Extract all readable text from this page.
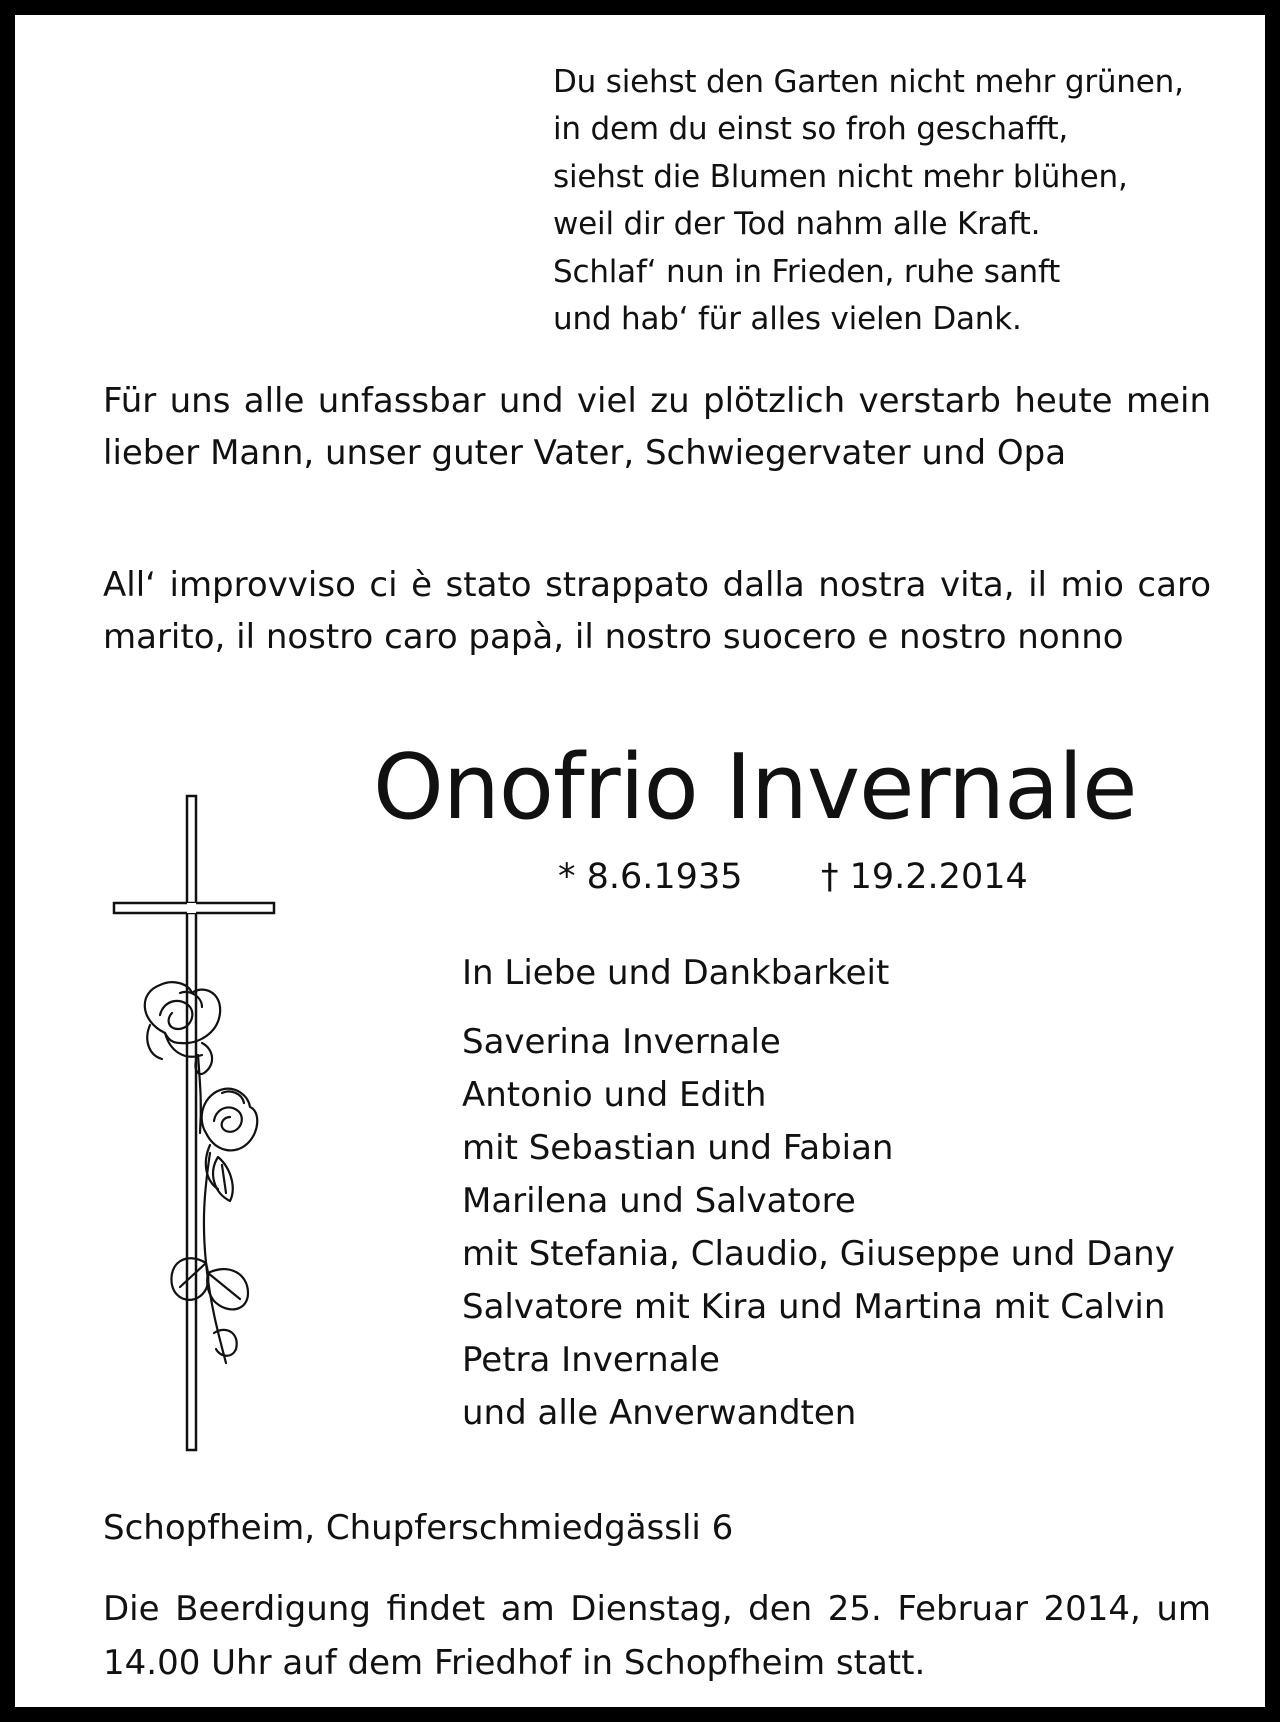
Du siehst den Garten nicht mehr grünen,
in dem du einst so froh geschafft,
siehst die Blumen nicht mehr blühen,
weil dir der Tod nahm alle Kraft.
Schlaf‘ nun in Frieden, ruhe sanft
und hab‘ für alles vielen Dank.
Für uns alle unfassbar und viel zu plötzlich verstarb heute mein lieber Mann, unser guter Vater, Schwiegervater und Opa
All‘ improvviso ci è stato strappato dalla nostra vita, il mio caro marito, il nostro caro papà, il nostro suocero e nostro nonno
Onofrio Invernale
* 8.6.1935 † 19.2.2014
In Liebe und Dankbarkeit
Saverina Invernale
Antonio und Edith
mit Sebastian und Fabian
Marilena und Salvatore
mit Stefania, Claudio, Giuseppe und Dany
Salvatore mit Kira und Martina mit Calvin
Petra Invernale
und alle Anverwandten
Schopfheim, Chupferschmiedgässli 6
Die Beerdigung findet am Dienstag, den 25. Februar 2014, um 14.00 Uhr auf dem Friedhof in Schopfheim statt.
